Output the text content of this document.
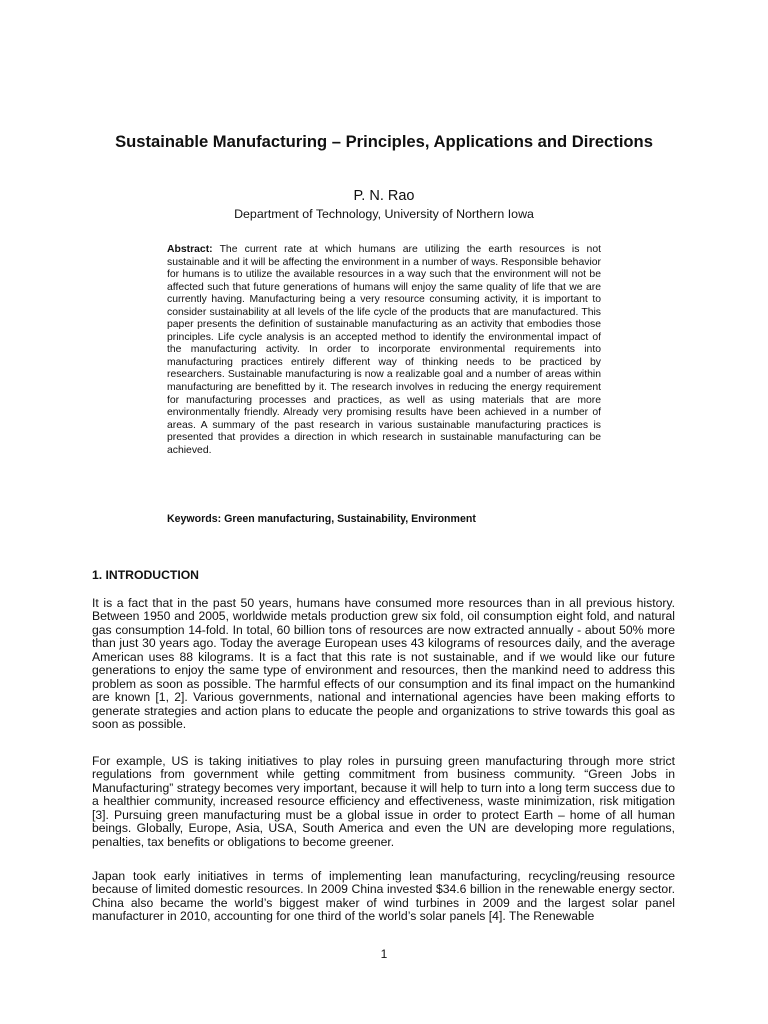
Sustainable Manufacturing – Principles, Applications and Directions
P. N. Rao
Department of Technology, University of Northern Iowa

Abstract: The current rate at which humans are utilizing the earth resources is not sustainable and it will be affecting the environment in a number of ways. Responsible behavior for humans is to utilize the available resources in a way such that the environment will not be affected such that future generations of humans will enjoy the same quality of life that we are currently having. Manufacturing being a very resource consuming activity, it is important to consider sustainability at all levels of the life cycle of the products that are manufactured. This paper presents the definition of sustainable manufacturing as an activity that embodies those principles. Life cycle analysis is an accepted method to identify the environmental impact of the manufacturing activity. In order to incorporate environmental requirements into manufacturing practices entirely different way of thinking needs to be practiced by researchers. Sustainable manufacturing is now a realizable goal and a number of areas within manufacturing are benefitted by it. The research involves in reducing the energy requirement for manufacturing processes and practices, as well as using materials that are more environmentally friendly. Already very promising results have been achieved in a number of areas. A summary of the past research in various sustainable manufacturing practices is presented that provides a direction in which research in sustainable manufacturing can be achieved.

Keywords: Green manufacturing, Sustainability, Environment

1. INTRODUCTION

It is a fact that in the past 50 years, humans have consumed more resources than in all previous history. Between 1950 and 2005, worldwide metals production grew six fold, oil consumption eight fold, and natural gas consumption 14-fold. In total, 60 billion tons of resources are now extracted annually - about 50% more than just 30 years ago. Today the average European uses 43 kilograms of resources daily, and the average American uses 88 kilograms. It is a fact that this rate is not sustainable, and if we would like our future generations to enjoy the same type of environment and resources, then the mankind need to address this problem as soon as possible. The harmful effects of our consumption and its final impact on the humankind are known [1, 2]. Various governments, national and international agencies have been making efforts to generate strategies and action plans to educate the people and organizations to strive towards this goal as soon as possible.

For example, US is taking initiatives to play roles in pursuing green manufacturing through more strict regulations from government while getting commitment from business community. “Green Jobs in Manufacturing” strategy becomes very important, because it will help to turn into a long term success due to a healthier community, increased resource efficiency and effectiveness, waste minimization, risk mitigation [3]. Pursuing green manufacturing must be a global issue in order to protect Earth – home of all human beings. Globally, Europe, Asia, USA, South America and even the UN are developing more regulations, penalties, tax benefits or obligations to become greener.

Japan took early initiatives in terms of implementing lean manufacturing, recycling/reusing resource because of limited domestic resources. In 2009 China invested $34.6 billion in the renewable energy sector. China also became the world’s biggest maker of wind turbines in 2009 and the largest solar panel manufacturer in 2010, accounting for one third of the world’s solar panels [4]. The Renewable

1
